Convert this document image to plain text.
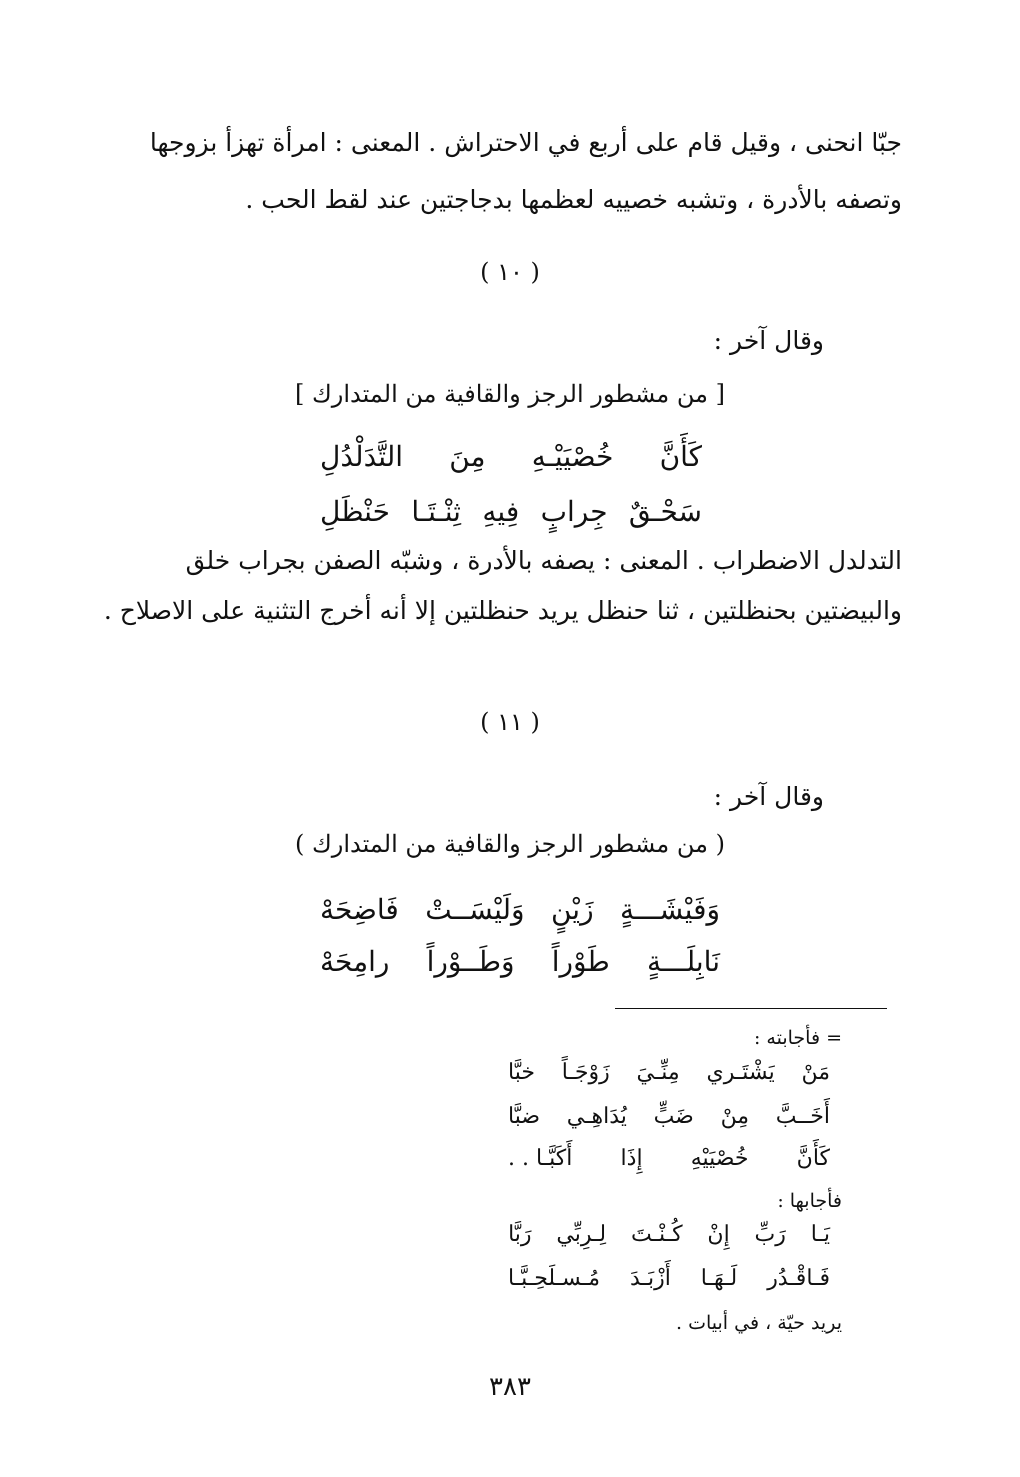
جبّا انحنى ، وقيل قام على أربع في الاحتراش . المعنى : امرأة تهزأ بزوجها
وتصفه بالأدرة ، وتشبه خصييه لعظمها بدجاجتين عند لقط الحب .
( ١٠ )
وقال آخر :
[ من مشطور الرجز والقافية من المتدارك ]
كَأَنَّ
خُصْيَيْـهِ
مِنَ
التَّدَلْدُلِ
سَحْـقٌ
جِرابٍ
فِيهِ
ثِنْـتَـا
حَنْظَلِ
التدلدل الاضطراب . المعنى : يصفه بالأدرة ، وشبّه الصفن بجراب خلق
والبيضتين بحنظلتين ، ثنا حنظل يريد حنظلتين إلا أنه أخرج التثنية على الاصلاح .
( ١١ )
وقال آخر :
( من مشطور الرجز والقافية من المتدارك )
وَفَيْشَـــةٍ
زَيْنٍ
وَلَيْسَــتْ
فَاضِحَهْ
نَابِلَـــةٍ
طَوْراً
وَطَــوْراً
رامِحَهْ
= فأجابته :
مَنْ
يَشْتَـري
مِنِّـيَ
زَوْجَـاً
خبَّا
أَخَــبَّ
مِنْ
ضَبٍّ
يُدَاهِـي
ضبَّا
كَأَنَّ
خُصْيَيْهِ
إِذَا
أَكَبَّـا . .
فأجابها :
يَـا
رَبِّ
إِنْ
كُـنْـتَ
لِـرِبِّي
رَبَّا
فَـاقْـدُر
لَـهَـا
أَزْبَـدَ
مُـسـلَحِـبَّـا
يريد حيّة ، في أبيات .
٣٨٣
